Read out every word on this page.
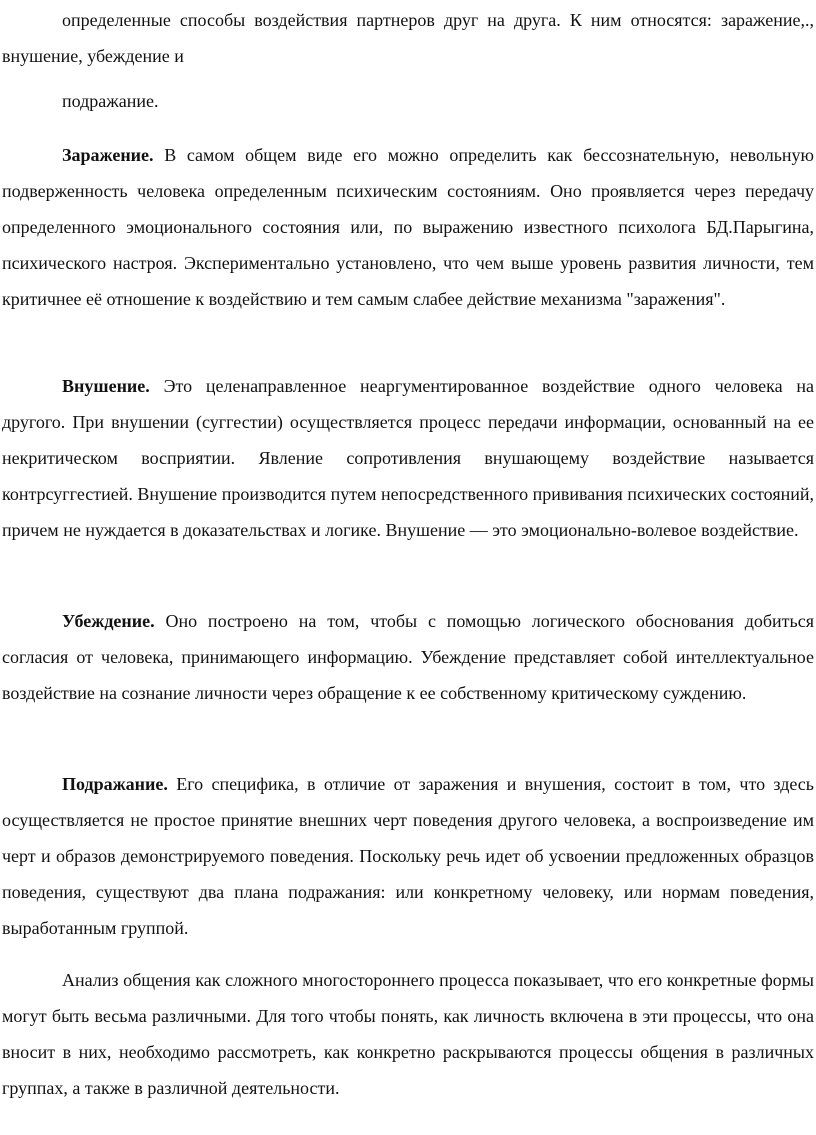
определенные способы воздействия партнеров друг на друга. К ним относятся: заражение,., внушение, убеждение и

подражание.

Заражение. В самом общем виде его можно определить как бессознательную, невольную подверженность человека определенным психическим состояниям. Оно проявляется через передачу определенного эмоционального состояния или, по выражению известного психолога БД.Парыгина, психического настроя. Экспериментально установлено, что чем выше уровень развития личности, тем критичнее её отношение к воздействию и тем самым слабее действие механизма "заражения".

Внушение. Это целенаправленное неаргументированное воздействие одного человека на другого. При внушении (суггестии) осуществляется процесс передачи информации, основанный на ее некритическом восприятии. Явление сопротивления внушающему воздействие называется контрсуггестией. Внушение производится путем непосредственного прививания психических состояний, причем не нуждается в доказательствах и логике. Внушение — это эмоционально-волевое воздействие.

Убеждение. Оно построено на том, чтобы с помощью логического обоснования добиться согласия от человека, принимающего информацию. Убеждение представляет собой интеллектуальное воздействие на сознание личности через обращение к ее собственному критическому суждению.

Подражание. Его специфика, в отличие от заражения и внушения, состоит в том, что здесь осуществляется не простое принятие внешних черт поведения другого человека, а воспроизведение им черт и образов демонстрируемого поведения. Поскольку речь идет об усвоении предложенных образцов поведения, существуют два плана подражания: или конкретному человеку, или нормам поведения, выработанным группой.

Анализ общения как сложного многостороннего процесса показывает, что его конкретные формы могут быть весьма различными. Для того чтобы понять, как личность включена в эти процессы, что она вносит в них, необходимо рассмотреть, как конкретно раскрываются процессы общения в различных группах, а также в различной деятельности.
